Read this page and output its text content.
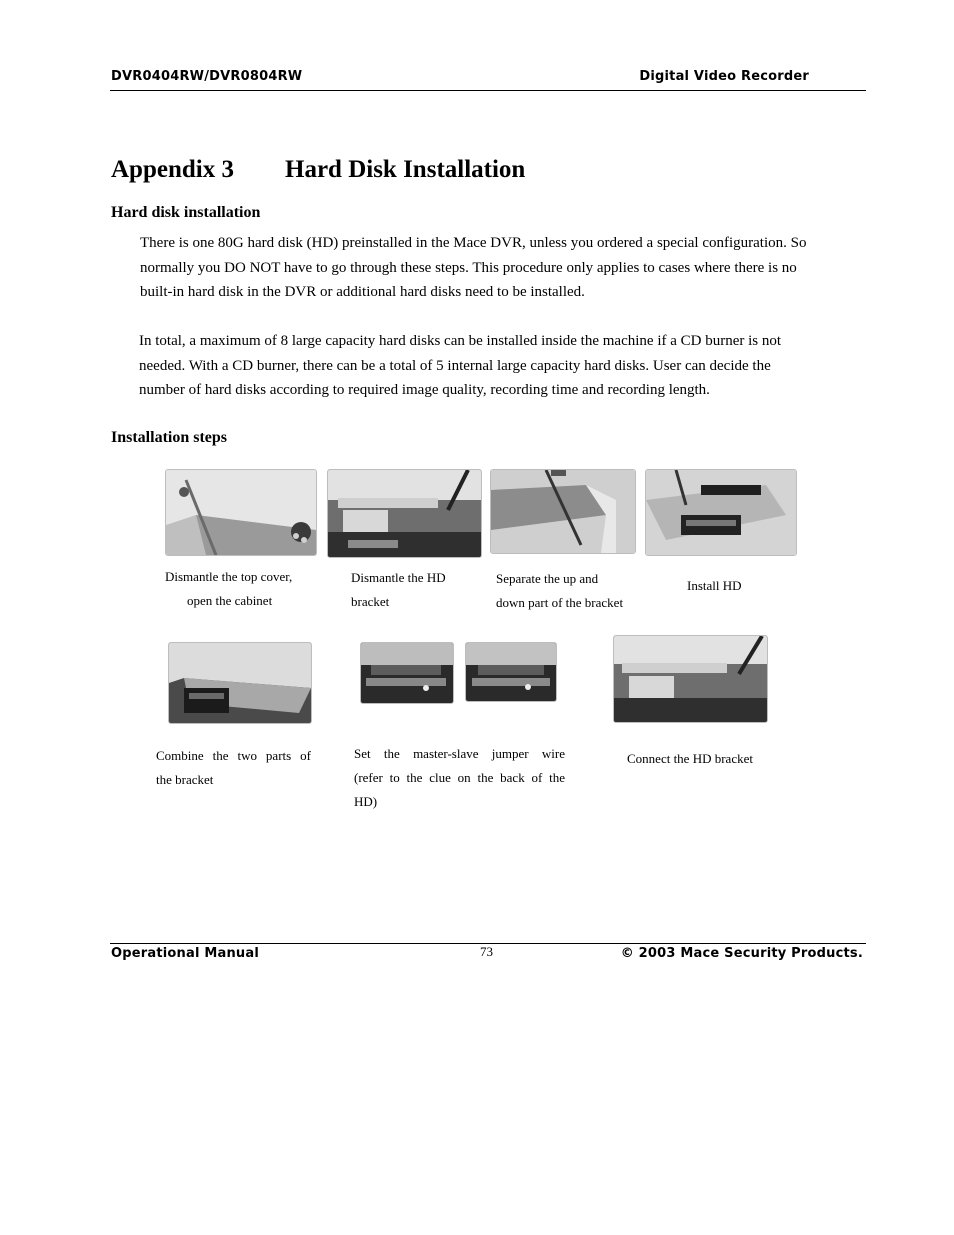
DVR0404RW/DVR0804RW	Digital Video Recorder
Appendix 3 Hard Disk Installation
Hard disk installation
There is one 80G hard disk (HD) preinstalled in the Mace DVR, unless you ordered a special configuration. So
normally you DO NOT have to go through these steps. This procedure only applies to cases where there is no
built-in hard disk in the DVR or additional hard disks need to be installed.
In total, a maximum of 8 large capacity hard disks can be installed inside the machine if a CD burner is not
needed. With a CD burner, there can be a total of 5 internal large capacity hard disks. User can decide the
number of hard disks according to required image quality, recording time and recording length.
Installation steps
Dismantle the top cover,
open the cabinet
Dismantle the HD
bracket
Separate the up and
down part of the bracket
Install HD
Combine the two parts of
the bracket
Set the master-slave jumper wire
(refer to the clue on the back of the
HD)
Connect the HD bracket
Operational Manual	73	© 2003 Mace Security Products.
